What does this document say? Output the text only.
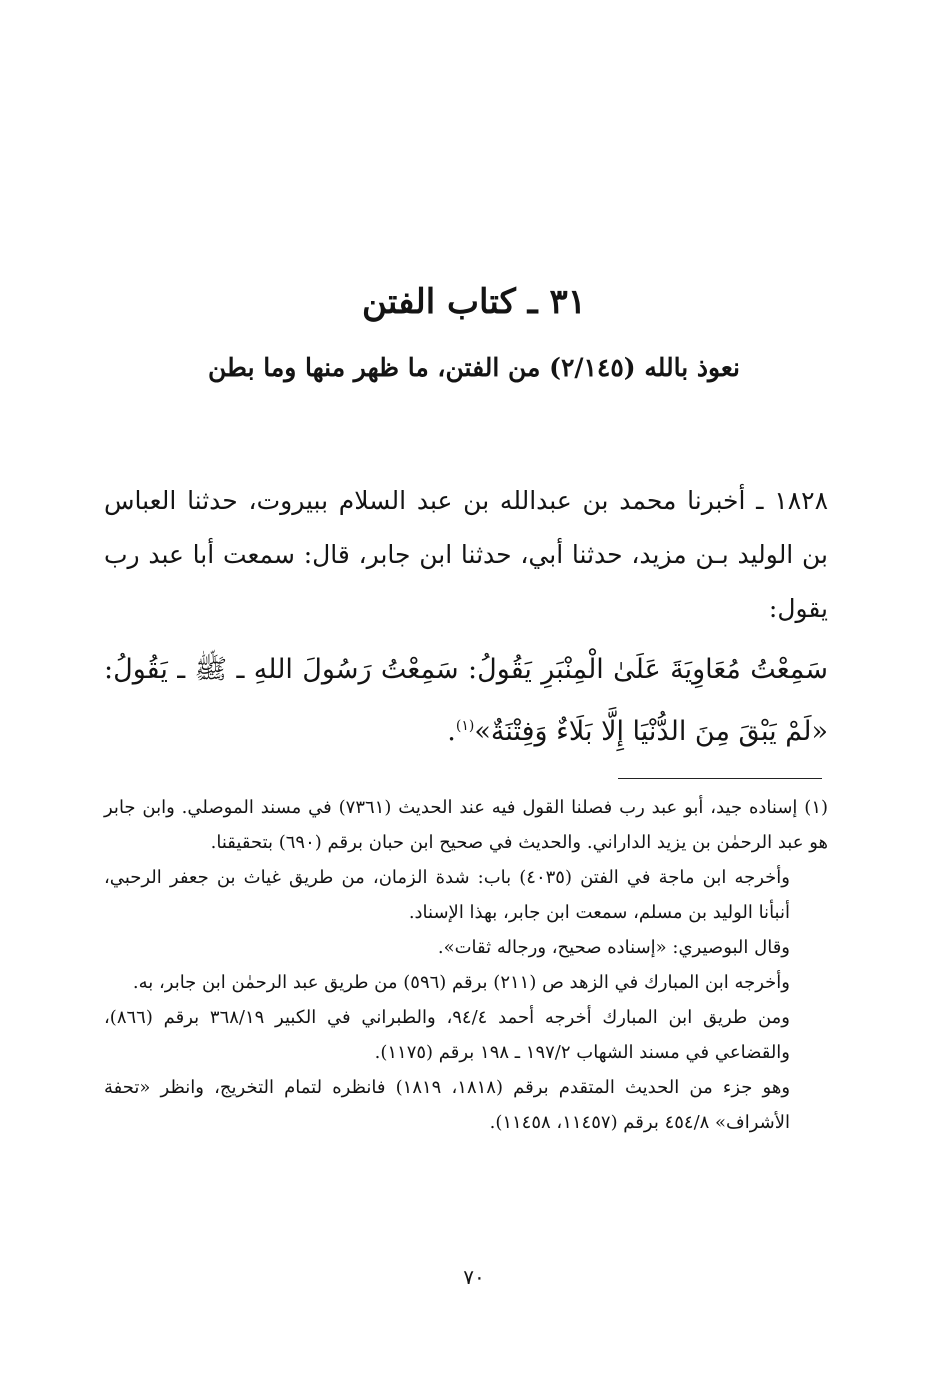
٣١ ـ كتاب الفتن
نعوذ بالله (٢/١٤٥) من الفتن، ما ظهر منها وما بطن

١٨٢٨ ـ أخبرنا محمد بن عبدالله بن عبد السلام ببيروت، حدثنا العباس بن الوليد بـن مزيد، حدثنا أبي، حدثنا ابن جابر، قال: سمعت أبا عبد رب يقول:

سَمِعْتُ مُعَاوِيَةَ عَلَىٰ الْمِنْبَرِ يَقُولُ: سَمِعْتُ رَسُولَ اللهِ ـ ﷺ ـ يَقُولُ: «لَمْ يَبْقَ مِنَ الدُّنْيَا إِلَّا بَلَاءٌ وَفِتْنَةٌ»$^{(١)}$.

(١) إسناده جيد، أبو عبد رب فصلنا القول فيه عند الحديث (٧٣٦١) في مسند الموصلي. وابن جابر هو عبد الرحمٰن بن يزيد الداراني. والحديث في صحيح ابن حبان برقم (٦٩٠) بتحقيقنا.

وأخرجه ابن ماجة في الفتن (٤٠٣٥) باب: شدة الزمان، من طريق غياث بن جعفر الرحبي، أنبأنا الوليد بن مسلم، سمعت ابن جابر، بهذا الإسناد.

وقال البوصيري: «إسناده صحيح، ورجاله ثقات».

وأخرجه ابن المبارك في الزهد ص (٢١١) برقم (٥٩٦) من طريق عبد الرحمٰن ابن جابر، به.

ومن طريق ابن المبارك أخرجه أحمد ٩٤/٤، والطبراني في الكبير ٣٦٨/١٩ برقم (٨٦٦)، والقضاعي في مسند الشهاب ١٩٧/٢ ـ ١٩٨ برقم (١١٧٥).

وهو جزء من الحديث المتقدم برقم (١٨١٨، ١٨١٩) فانظره لتمام التخريج، وانظر «تحفة الأشراف» ٤٥٤/٨ برقم (١١٤٥٧، ١١٤٥٨).

٧٠
